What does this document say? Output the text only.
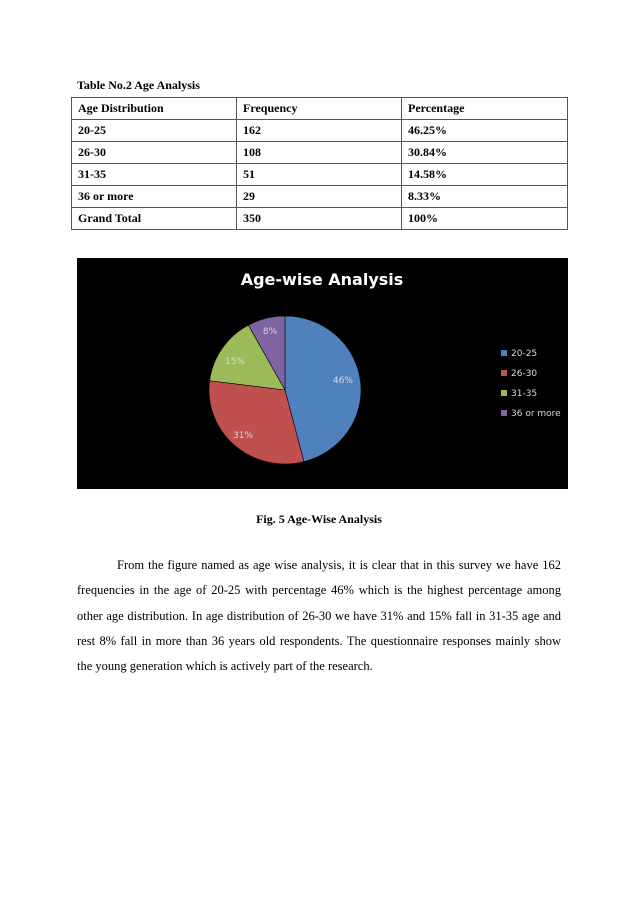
Table No.2 Age Analysis
Age Distribution	Frequency	Percentage
20-25	162	46.25%
26-30	108	30.84%
31-35	51	14.58%
36 or more	29	8.33%
Grand Total	350	100%
Age-wise Analysis
46%
31%
15%
8%
20-25
26-30
31-35
36 or more
Fig. 5 Age-Wise Analysis

From the figure named as age wise analysis, it is clear that in this survey we have 162 frequencies in the age of 20-25 with percentage 46% which is the highest percentage among other age distribution. In age distribution of 26-30 we have 31% and 15% fall in 31-35 age and rest 8% fall in more than 36 years old respondents. The questionnaire responses mainly show the young generation which is actively part of the research.
